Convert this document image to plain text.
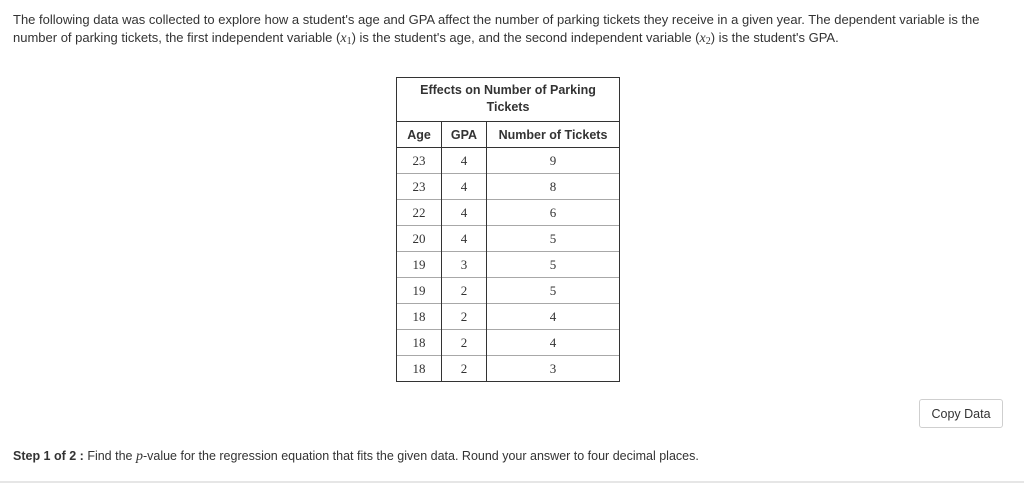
The following data was collected to explore how a student's age and GPA affect the number of parking tickets they receive in a given year. The dependent variable is the number of parking tickets, the first independent variable $(x_1)$ is the student's age, and the second independent variable $(x_2)$ is the student's GPA.
Effects on Number of Parking Tickets
Age	GPA	Number of Tickets
23	4	9
23	4	8
22	4	6
20	4	5
19	3	5
19	2	5
18	2	4
18	2	4
18	2	3
Copy Data
Step 1 of 2 : Find the p-value for the regression equation that fits the given data. Round your answer to four decimal places.
